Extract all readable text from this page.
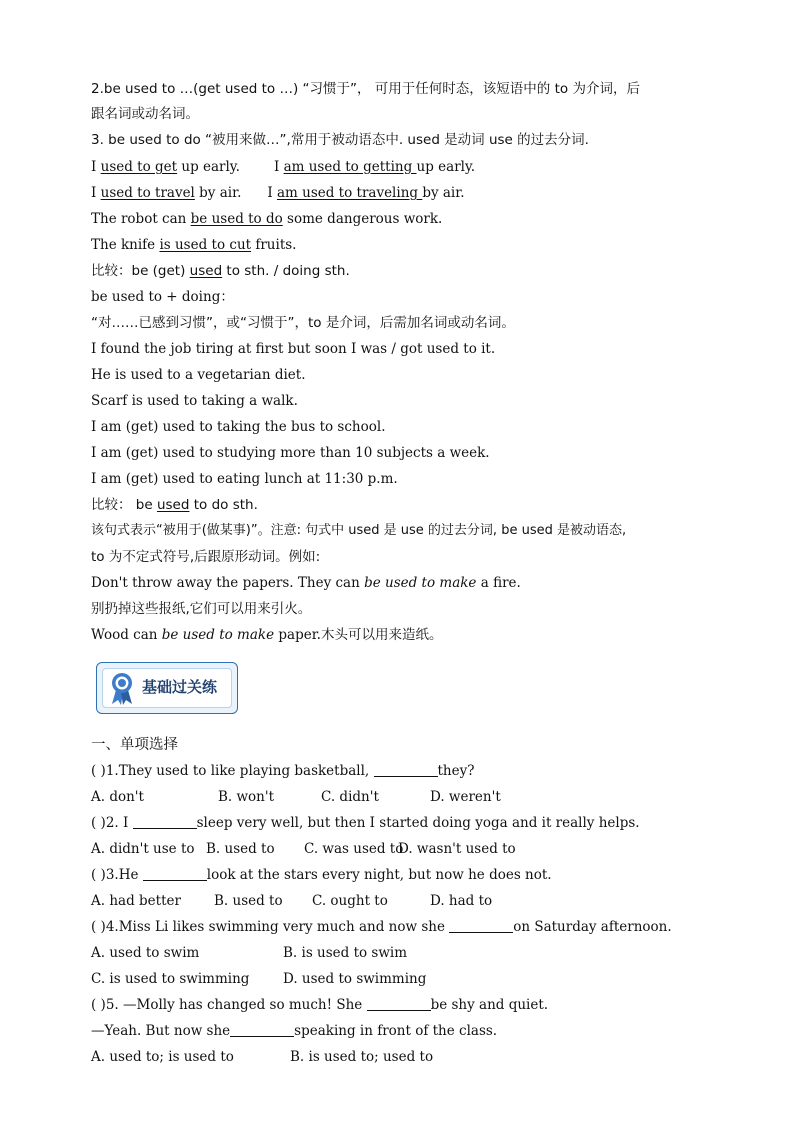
2.be used to …(get used to …) “习惯于”， 可用于任何时态，该短语中的 to 为介词，后
跟名词或动名词。
3. be used to do “被用来做…”,常用于被动语态中. used 是动词 use 的过去分词.
I used to get up early.	I am used to getting up early.
I used to travel by air. I am used to traveling by air.
The robot can be used to do some dangerous work.
The knife is used to cut fruits.
比较：be (get) used to sth. / doing sth.
be used to + doing：
“对……已感到习惯”，或“习惯于”，to 是介词，后需加名词或动名词。
I found the job tiring at first but soon I was / got used to it.
He is used to a vegetarian diet.
Scarf is used to taking a walk.
I am (get) used to taking the bus to school.
I am (get) used to studying more than 10 subjects a week.
I am (get) used to eating lunch at 11:30 p.m.
比较： be used to do sth.
该句式表示“被用于(做某事)”。注意: 句式中 used 是 use 的过去分词, be used 是被动语态,
to 为不定式符号,后跟原形动词。例如:
Don't throw away the papers. They can be used to make a fire.
别扔掉这些报纸,它们可以用来引火。
Wood can be used to make paper.木头可以用来造纸。
基础过关练
一、单项选择
( )1.They used to like playing basketball,	they?
A. don't	B. won't	C. didn't	D. weren't
( )2. I	sleep very well, but then I started doing yoga and it really helps.
A. didn't use to B. used to C. was used to
D. wasn't used to
( )3.He	look at the stars every night, but now he does not.
A. had better B. used to C. ought to	D. had to
( )4.Miss Li likes swimming very much and now she	on Saturday afternoon.
A. used to swim	B. is used to swim
C. is used to swimming D. used to swimming
( )5. —Molly has changed so much! She	be shy and quiet.
—Yeah. But now she	speaking in front of the class.
A. used to; is used to	B. is used to; used to
